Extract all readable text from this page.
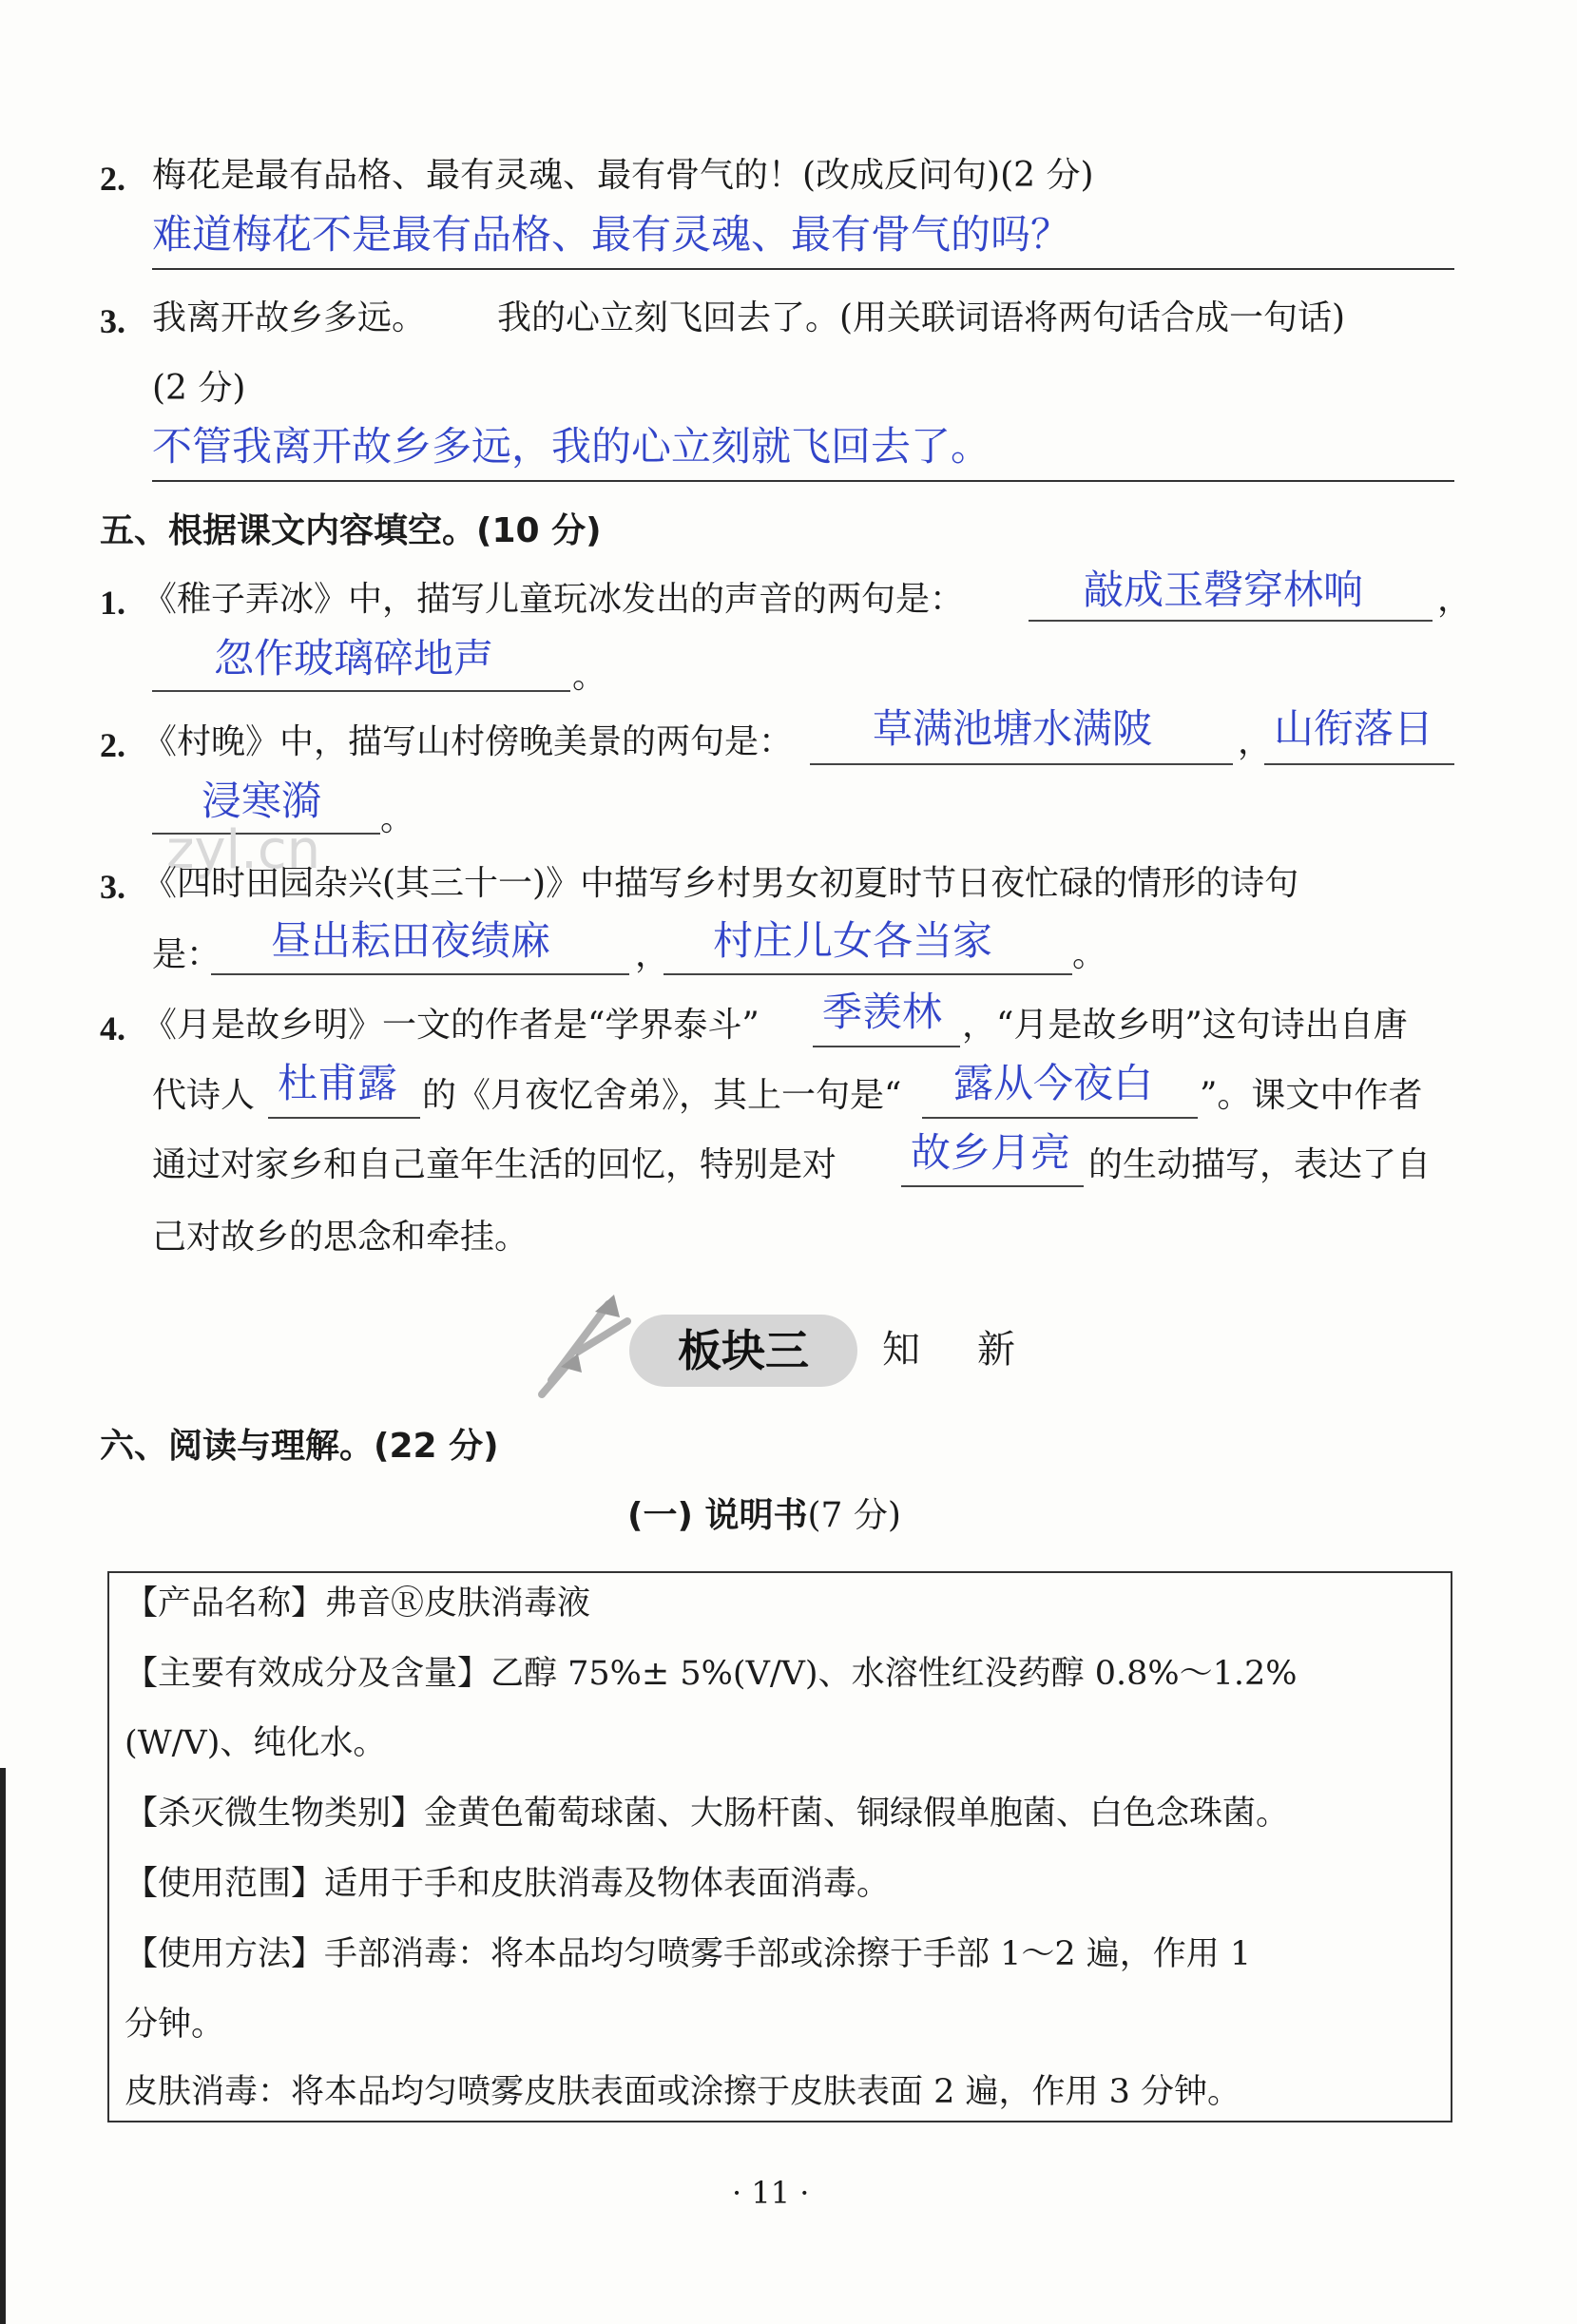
2. 梅花是最有品格、最有灵魂、最有骨气的！(改成反问句)(2 分)
难道梅花不是最有品格、最有灵魂、最有骨气的吗？
3. 我离开故乡多远。 我的心立刻飞回去了。(用关联词语将两句话合成一句话)
(2 分)
不管我离开故乡多远，我的心立刻就飞回去了。
五、根据课文内容填空。(10 分)
1. 《稚子弄冰》中，描写儿童玩冰发出的声音的两句是：	敲成玉磬穿林响 ，
忽作玻璃碎地声 。
2. 《村晚》中，描写山村傍晚美景的两句是： 草满池塘水满陂 ， 山衔落日
浸寒漪 。
zyl.cn
3. 《四时田园杂兴(其三十一)》中描写乡村男女初夏时节日夜忙碌的情形的诗句
是： 昼出耘田夜绩麻 ， 村庄儿女各当家 。
4. 《月是故乡明》一文的作者是“学界泰斗” 季羡林 ，“月是故乡明”这句诗出自唐
代诗人 杜甫露 的《月夜忆舍弟》，其上一句是“ 露从今夜白 ”。课文中作者
通过对家乡和自己童年生活的回忆，特别是对 故乡月亮 的生动描写，表达了自
己对故乡的思念和牵挂。
板块三	知 新
六、阅读与理解。(22 分)
(一) 说明书(7 分)
【产品名称】弗音Ⓡ皮肤消毒液
【主要有效成分及含量】乙醇 75%± 5%(V/V)、水溶性红没药醇 0.8%～1.2%
(W/V)、纯化水。
【杀灭微生物类别】金黄色葡萄球菌、大肠杆菌、铜绿假单胞菌、白色念珠菌。
【使用范围】适用于手和皮肤消毒及物体表面消毒。
【使用方法】手部消毒：将本品均匀喷雾手部或涂擦于手部 1～2 遍，作用 1
分钟。
皮肤消毒：将本品均匀喷雾皮肤表面或涂擦于皮肤表面 2 遍，作用 3 分钟。
· 11 ·
